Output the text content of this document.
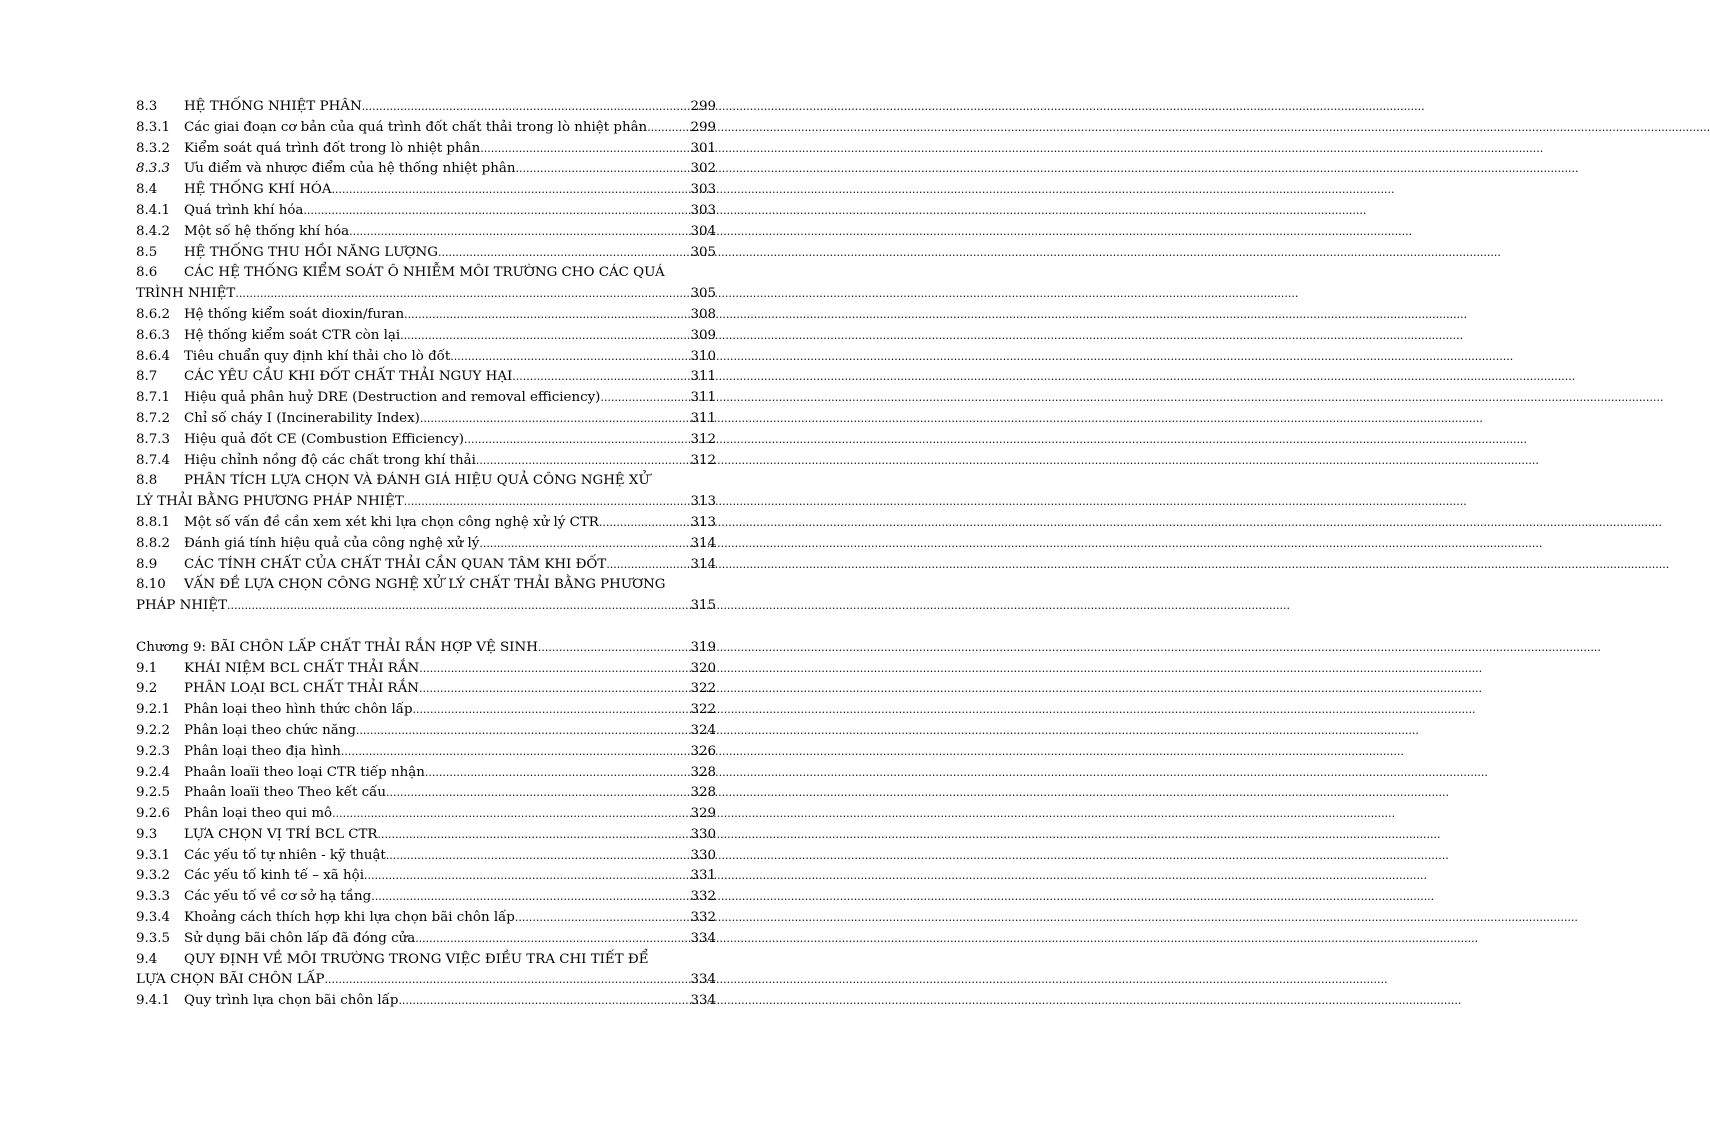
8.3	HỆ THỐNG NHIỆT PHÂN .....	299
8.3.1	Các giai đoạn cơ bản của quá trình đốt chất thải trong lò nhiệt phân .....	299
8.3.2	Kiểm soát quá trình đốt trong lò nhiệt phân .....	301
8.3.3	Ưu điểm và nhược điểm của hệ thống nhiệt phân .....	302
8.4	HỆ THỐNG KHÍ HÓA .....	303
8.4.1	Quá trình khí hóa .....	303
8.4.2	Một số hệ thống khí hóa .....	304
8.5	HỆ THỐNG THU HỒI NĂNG LƯỢNG .....	305
8.6	CÁC HỆ THỐNG KIỂM SOÁT Ô NHIỄM MÔI TRƯỜNG CHO CÁC QUÁ
TRÌNH NHIỆT .....	305
8.6.2	Hệ thống kiểm soát dioxin/furan .....	308
8.6.3	Hệ thống kiểm soát CTR còn lại .....	309
8.6.4	Tiêu chuẩn quy định khí thải cho lò đốt .....	310
8.7	CÁC YÊU CẦU KHI ĐỐT CHẤT THẢI NGUY HẠI .....	311
8.7.1	Hiệu quả phân huỷ DRE (Destruction and removal efficiency) .....	311
8.7.2	Chỉ số cháy I (Incinerability Index) .....	311
8.7.3	Hiệu quả đốt CE (Combustion Efficiency) .....	312
8.7.4	Hiệu chỉnh nồng độ các chất trong khí thải .....	312
8.8	PHÂN TÍCH LỰA CHỌN VÀ ĐÁNH GIÁ HIỆU QUẢ CÔNG NGHỆ XỬ
LÝ THẢI BẰNG PHƯƠNG PHÁP NHIỆT .....	313
8.8.1	Một số vấn đề cần xem xét khi lựa chọn công nghệ xử lý CTR .....	313
8.8.2	Đánh giá tính hiệu quả của công nghệ xử lý .....	314
8.9	CÁC TÍNH CHẤT CỦA CHẤT THẢI CẦN QUAN TÂM KHI ĐỐT .....	314
8.10	VẤN ĐỀ LỰA CHỌN CÔNG NGHỆ XỬ LÝ CHẤT THẢI BẰNG PHƯƠNG
PHÁP NHIỆT .....	315
Chương 9: BÃI CHÔN LẤP CHẤT THẢI RẮN HỢP VỆ SINH .....	319
9.1	KHÁI NIỆM BCL CHẤT THẢI RẮN .....	320
9.2	PHÂN LOẠI BCL CHẤT THẢI RẮN .....	322
9.2.1	Phân loại theo hình thức chôn lấp .....	322
9.2.2	Phân loại theo chức năng .....	324
9.2.3	Phân loại theo địa hình .....	326
9.2.4	Phaân loaïi theo loại CTR tiếp nhận .....	328
9.2.5	Phaân loaïi theo Theo kết cấu .....	328
9.2.6	Phân loại theo qui mô .....	329
9.3	LỰA CHỌN VỊ TRÍ BCL CTR .....	330
9.3.1	Các yếu tố tự nhiên - kỹ thuật .....	330
9.3.2	Các yếu tố kinh tế – xã hội .....	331
9.3.3	Các yếu tố về cơ sở hạ tầng .....	332
9.3.4	Khoảng cách thích hợp khi lựa chọn bãi chôn lấp .....	332
9.3.5	Sử dụng bãi chôn lấp đã đóng cửa .....	334
9.4	QUY ĐỊNH VỀ MÔI TRƯỜNG TRONG VIỆC ĐIỀU TRA CHI TIẾT ĐỂ
LỰA CHỌN BÃI CHÔN LẤP .....	334
9.4.1	Quy trình lựa chọn bãi chôn lấp .....	334
